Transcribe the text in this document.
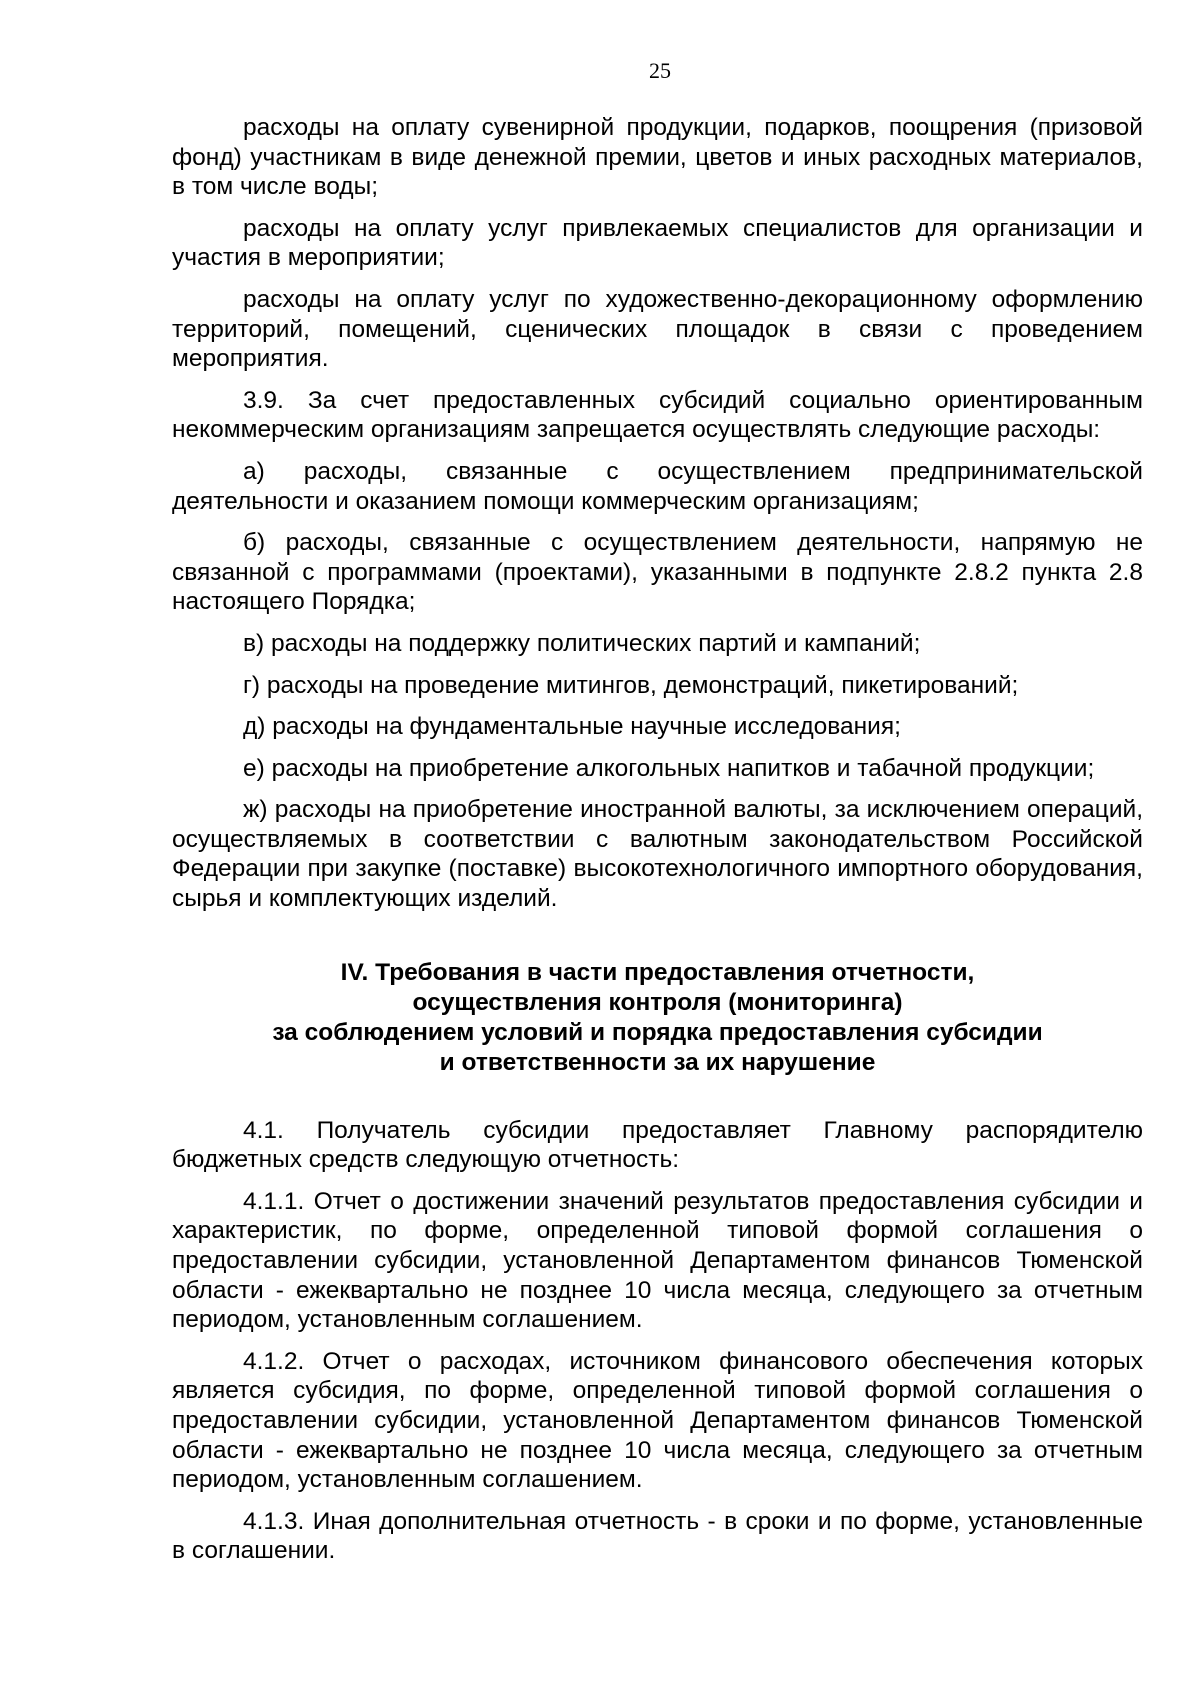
25

расходы на оплату сувенирной продукции, подарков, поощрения (призовой фонд) участникам в виде денежной премии, цветов и иных расходных материалов, в том числе воды;

расходы на оплату услуг привлекаемых специалистов для организации и участия в мероприятии;

расходы на оплату услуг по художественно-декорационному оформлению территорий, помещений, сценических площадок в связи с проведением мероприятия.

3.9. За счет предоставленных субсидий социально ориентированным некоммерческим организациям запрещается осуществлять следующие расходы:

а) расходы, связанные с осуществлением предпринимательской деятельности и оказанием помощи коммерческим организациям;

б) расходы, связанные с осуществлением деятельности, напрямую не связанной с программами (проектами), указанными в подпункте 2.8.2 пункта 2.8 настоящего Порядка;

в) расходы на поддержку политических партий и кампаний;

г) расходы на проведение митингов, демонстраций, пикетирований;

д) расходы на фундаментальные научные исследования;

е) расходы на приобретение алкогольных напитков и табачной продукции;

ж) расходы на приобретение иностранной валюты, за исключением операций, осуществляемых в соответствии с валютным законодательством Российской Федерации при закупке (поставке) высокотехнологичного импортного оборудования, сырья и комплектующих изделий.

IV. Требования в части предоставления отчетности,
осуществления контроля (мониторинга)
за соблюдением условий и порядка предоставления субсидии
и ответственности за их нарушение

4.1. Получатель субсидии предоставляет Главному распорядителю бюджетных средств следующую отчетность:

4.1.1. Отчет о достижении значений результатов предоставления субсидии и характеристик, по форме, определенной типовой формой соглашения о предоставлении субсидии, установленной Департаментом финансов Тюменской области - ежеквартально не позднее 10 числа месяца, следующего за отчетным периодом, установленным соглашением.

4.1.2. Отчет о расходах, источником финансового обеспечения которых является субсидия, по форме, определенной типовой формой соглашения о предоставлении субсидии, установленной Департаментом финансов Тюменской области - ежеквартально не позднее 10 числа месяца, следующего за отчетным периодом, установленным соглашением.

4.1.3. Иная дополнительная отчетность - в сроки и по форме, установленные в соглашении.
